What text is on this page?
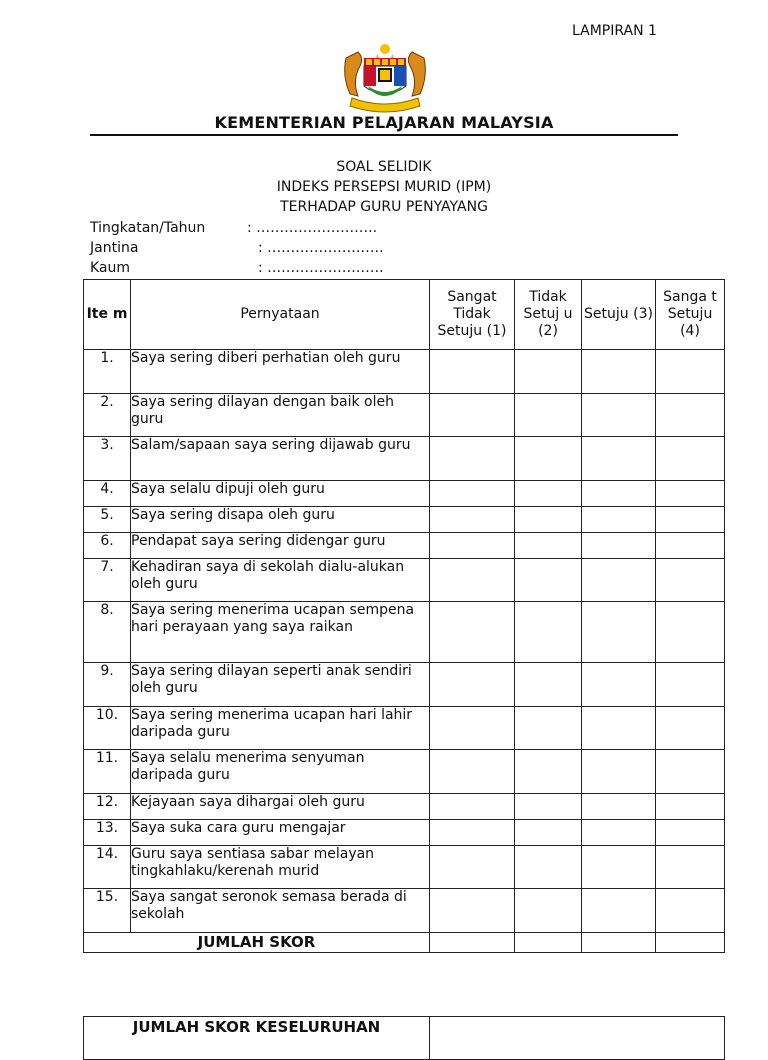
LAMPIRAN 1
KEMENTERIAN PELAJARAN MALAYSIA
SOAL SELIDIK
INDEKS PERSEPSI MURID (IPM)
TERHADAP GURU PENYAYANG
Tingkatan/Tahun	: ……………………..
Jantina	: …………………….
Kaum	: …………………….
Ite m	Pernyataan	Sangat Tidak Setuju (1)	Tidak Setuj u (2)	Setuju (3)	Sanga t Setuju (4)
1.	Saya sering diberi perhatian oleh guru				
2.	Saya sering dilayan dengan baik oleh guru				
3.	Salam/sapaan saya sering dijawab guru				
4.	Saya selalu dipuji oleh guru				
5.	Saya sering disapa oleh guru				
6.	Pendapat saya sering didengar guru				
7.	Kehadiran saya di sekolah dialu-alukan oleh guru				
8.	Saya sering menerima ucapan sempena hari perayaan yang saya raikan				
9.	Saya sering dilayan seperti anak sendiri oleh guru				
10.	Saya sering menerima ucapan hari lahir daripada guru				
11.	Saya selalu menerima senyuman daripada guru				
12.	Kejayaan saya dihargai oleh guru				
13.	Saya suka cara guru mengajar				
14.	Guru saya sentiasa sabar melayan tingkahlaku/kerenah murid				
15.	Saya sangat seronok semasa berada di sekolah				
JUMLAH SKOR					
JUMLAH SKOR KESELURUHAN	
